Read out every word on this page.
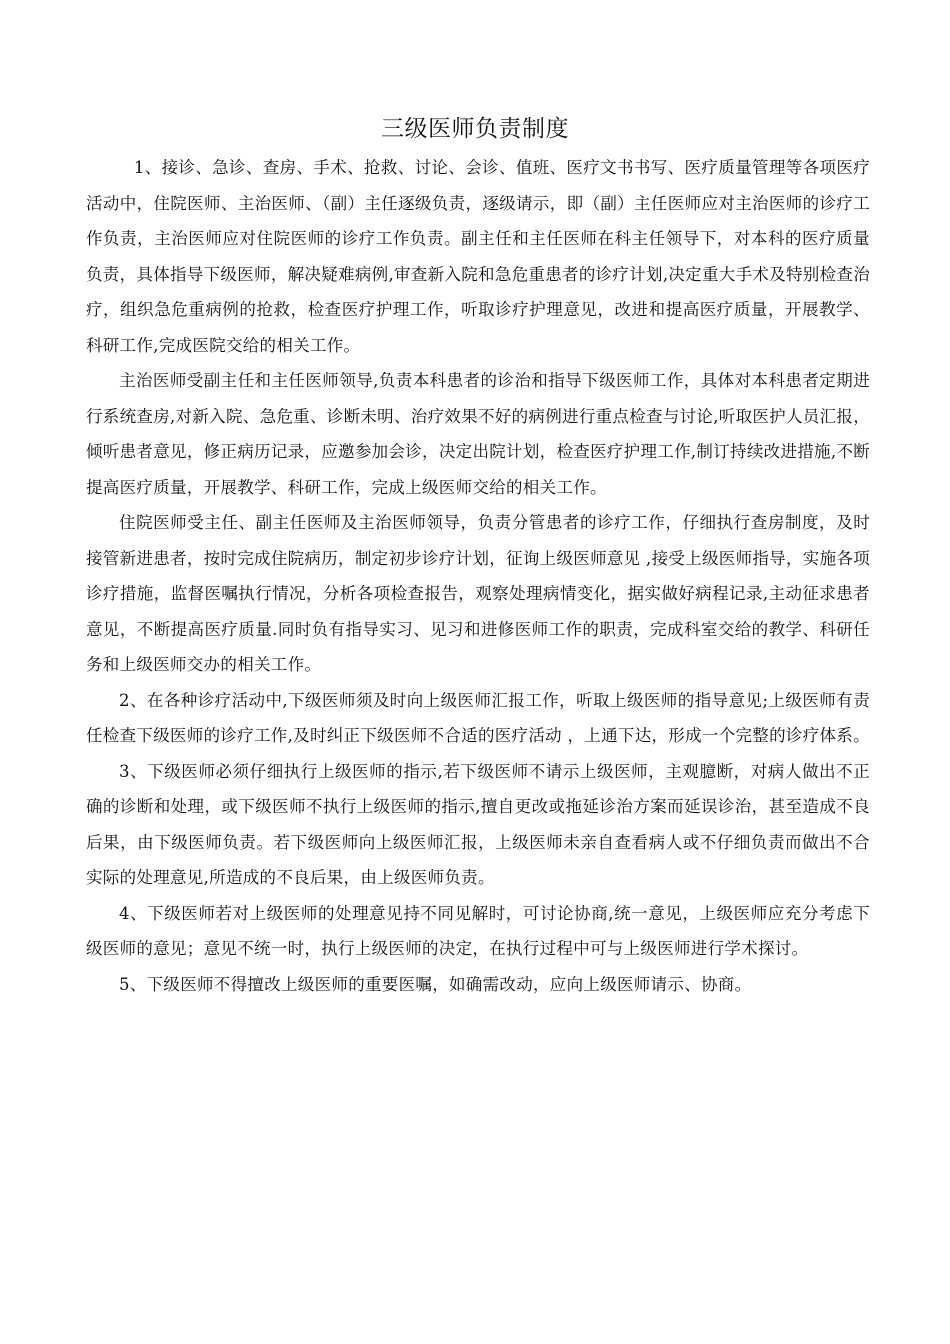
三级医师负责制度

1、接诊、急诊、查房、手术、抢救、讨论、会诊、值班、医疗文书书写、医疗质量管理等各项医疗活动中，住院医师、主治医师、（副）主任逐级负责，逐级请示，即（副）主任医师应对主治医师的诊疗工作负责，主治医师应对住院医师的诊疗工作负责。副主任和主任医师在科主任领导下，对本科的医疗质量负责，具体指导下级医师，解决疑难病例,审查新入院和急危重患者的诊疗计划,决定重大手术及特别检查治疗，组织急危重病例的抢救，检查医疗护理工作，听取诊疗护理意见，改进和提高医疗质量，开展教学、科研工作,完成医院交给的相关工作。

主治医师受副主任和主任医师领导,负责本科患者的诊治和指导下级医师工作，具体对本科患者定期进行系统查房,对新入院、急危重、诊断未明、治疗效果不好的病例进行重点检查与讨论,听取医护人员汇报，倾听患者意见，修正病历记录，应邀参加会诊，决定出院计划，检查医疗护理工作,制订持续改进措施,不断提高医疗质量，开展教学、科研工作，完成上级医师交给的相关工作。

住院医师受主任、副主任医师及主治医师领导，负责分管患者的诊疗工作，仔细执行查房制度，及时接管新进患者，按时完成住院病历，制定初步诊疗计划，征询上级医师意见 ,接受上级医师指导，实施各项诊疗措施，监督医嘱执行情况，分析各项检查报告，观察处理病情变化，据实做好病程记录,主动征求患者意见，不断提高医疗质量.同时负有指导实习、见习和进修医师工作的职责，完成科室交给的教学、科研任务和上级医师交办的相关工作。

2、在各种诊疗活动中,下级医师须及时向上级医师汇报工作，听取上级医师的指导意见;上级医师有责任检查下级医师的诊疗工作,及时纠正下级医师不合适的医疗活动 ，上通下达，形成一个完整的诊疗体系。

3、下级医师必须仔细执行上级医师的指示,若下级医师不请示上级医师，主观臆断，对病人做出不正确的诊断和处理，或下级医师不执行上级医师的指示,擅自更改或拖延诊治方案而延误诊治，甚至造成不良后果，由下级医师负责。若下级医师向上级医师汇报，上级医师未亲自查看病人或不仔细负责而做出不合实际的处理意见,所造成的不良后果，由上级医师负责。

4、下级医师若对上级医师的处理意见持不同见解时，可讨论协商,统一意见，上级医师应充分考虑下级医师的意见；意见不统一时，执行上级医师的决定，在执行过程中可与上级医师进行学术探讨。

5、下级医师不得擅改上级医师的重要医嘱，如确需改动，应向上级医师请示、协商。
